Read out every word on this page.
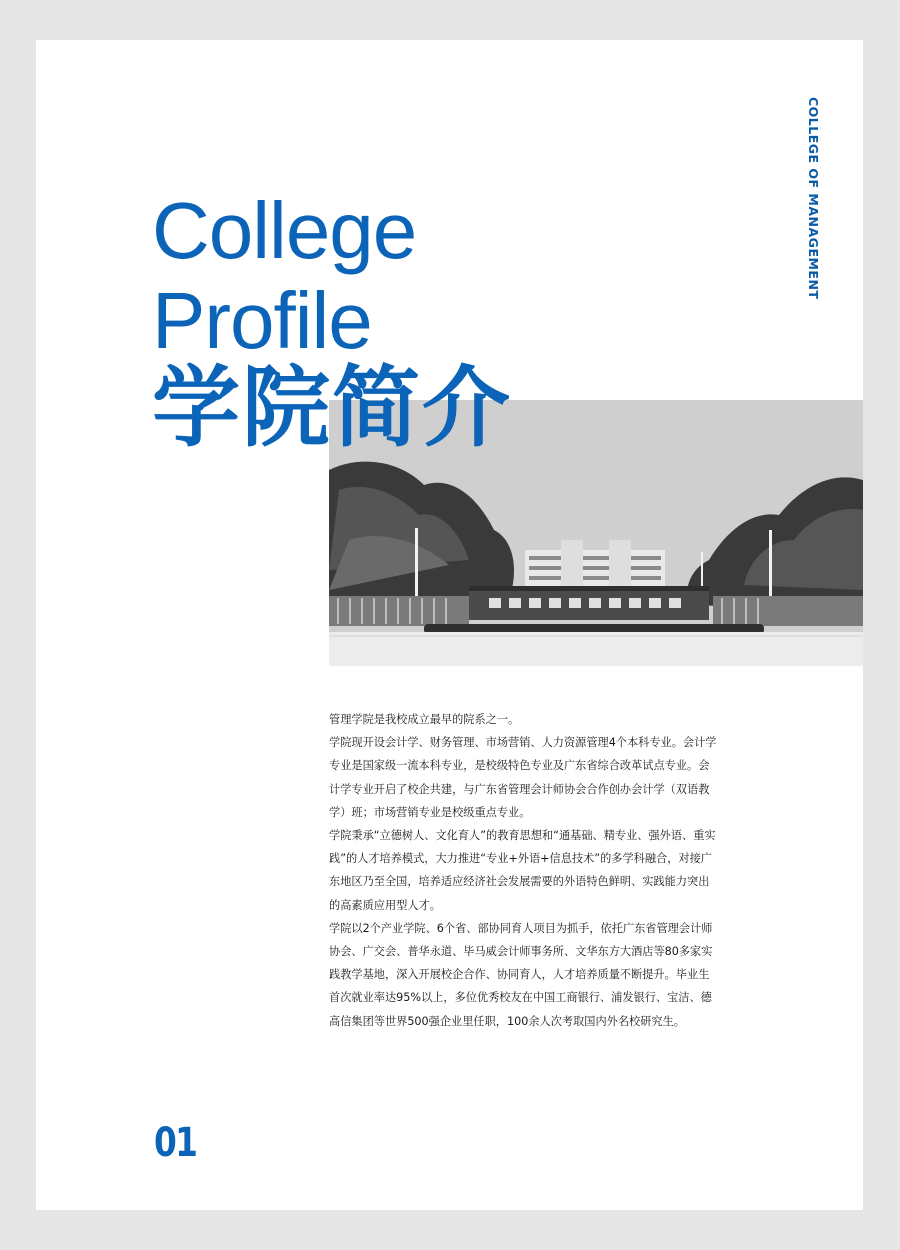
COLLEGE OF MANAGEMENT
College
Profile
学院简介

管理学院是我校成立最早的院系之一。

学院现开设会计学、财务管理、市场营销、人力资源管理4个本科专业。会计学专业是国家级一流本科专业，是校级特色专业及广东省综合改革试点专业。会计学专业开启了校企共建，与广东省管理会计师协会合作创办会计学（双语教学）班；市场营销专业是校级重点专业。

学院秉承“立德树人、文化育人”的教育思想和“通基础、精专业、强外语、重实践”的人才培养模式，大力推进“专业+外语+信息技术”的多学科融合，对接广东地区乃至全国，培养适应经济社会发展需要的外语特色鲜明、实践能力突出的高素质应用型人才。

学院以2个产业学院、6个省、部协同育人项目为抓手，依托广东省管理会计师协会、广交会、普华永道、毕马威会计师事务所、文华东方大酒店等80多家实践教学基地，深入开展校企合作、协同育人，人才培养质量不断提升。毕业生首次就业率达95%以上，多位优秀校友在中国工商银行、浦发银行、宝洁、德高信集团等世界500强企业里任职，100余人次考取国内外名校研究生。

01
